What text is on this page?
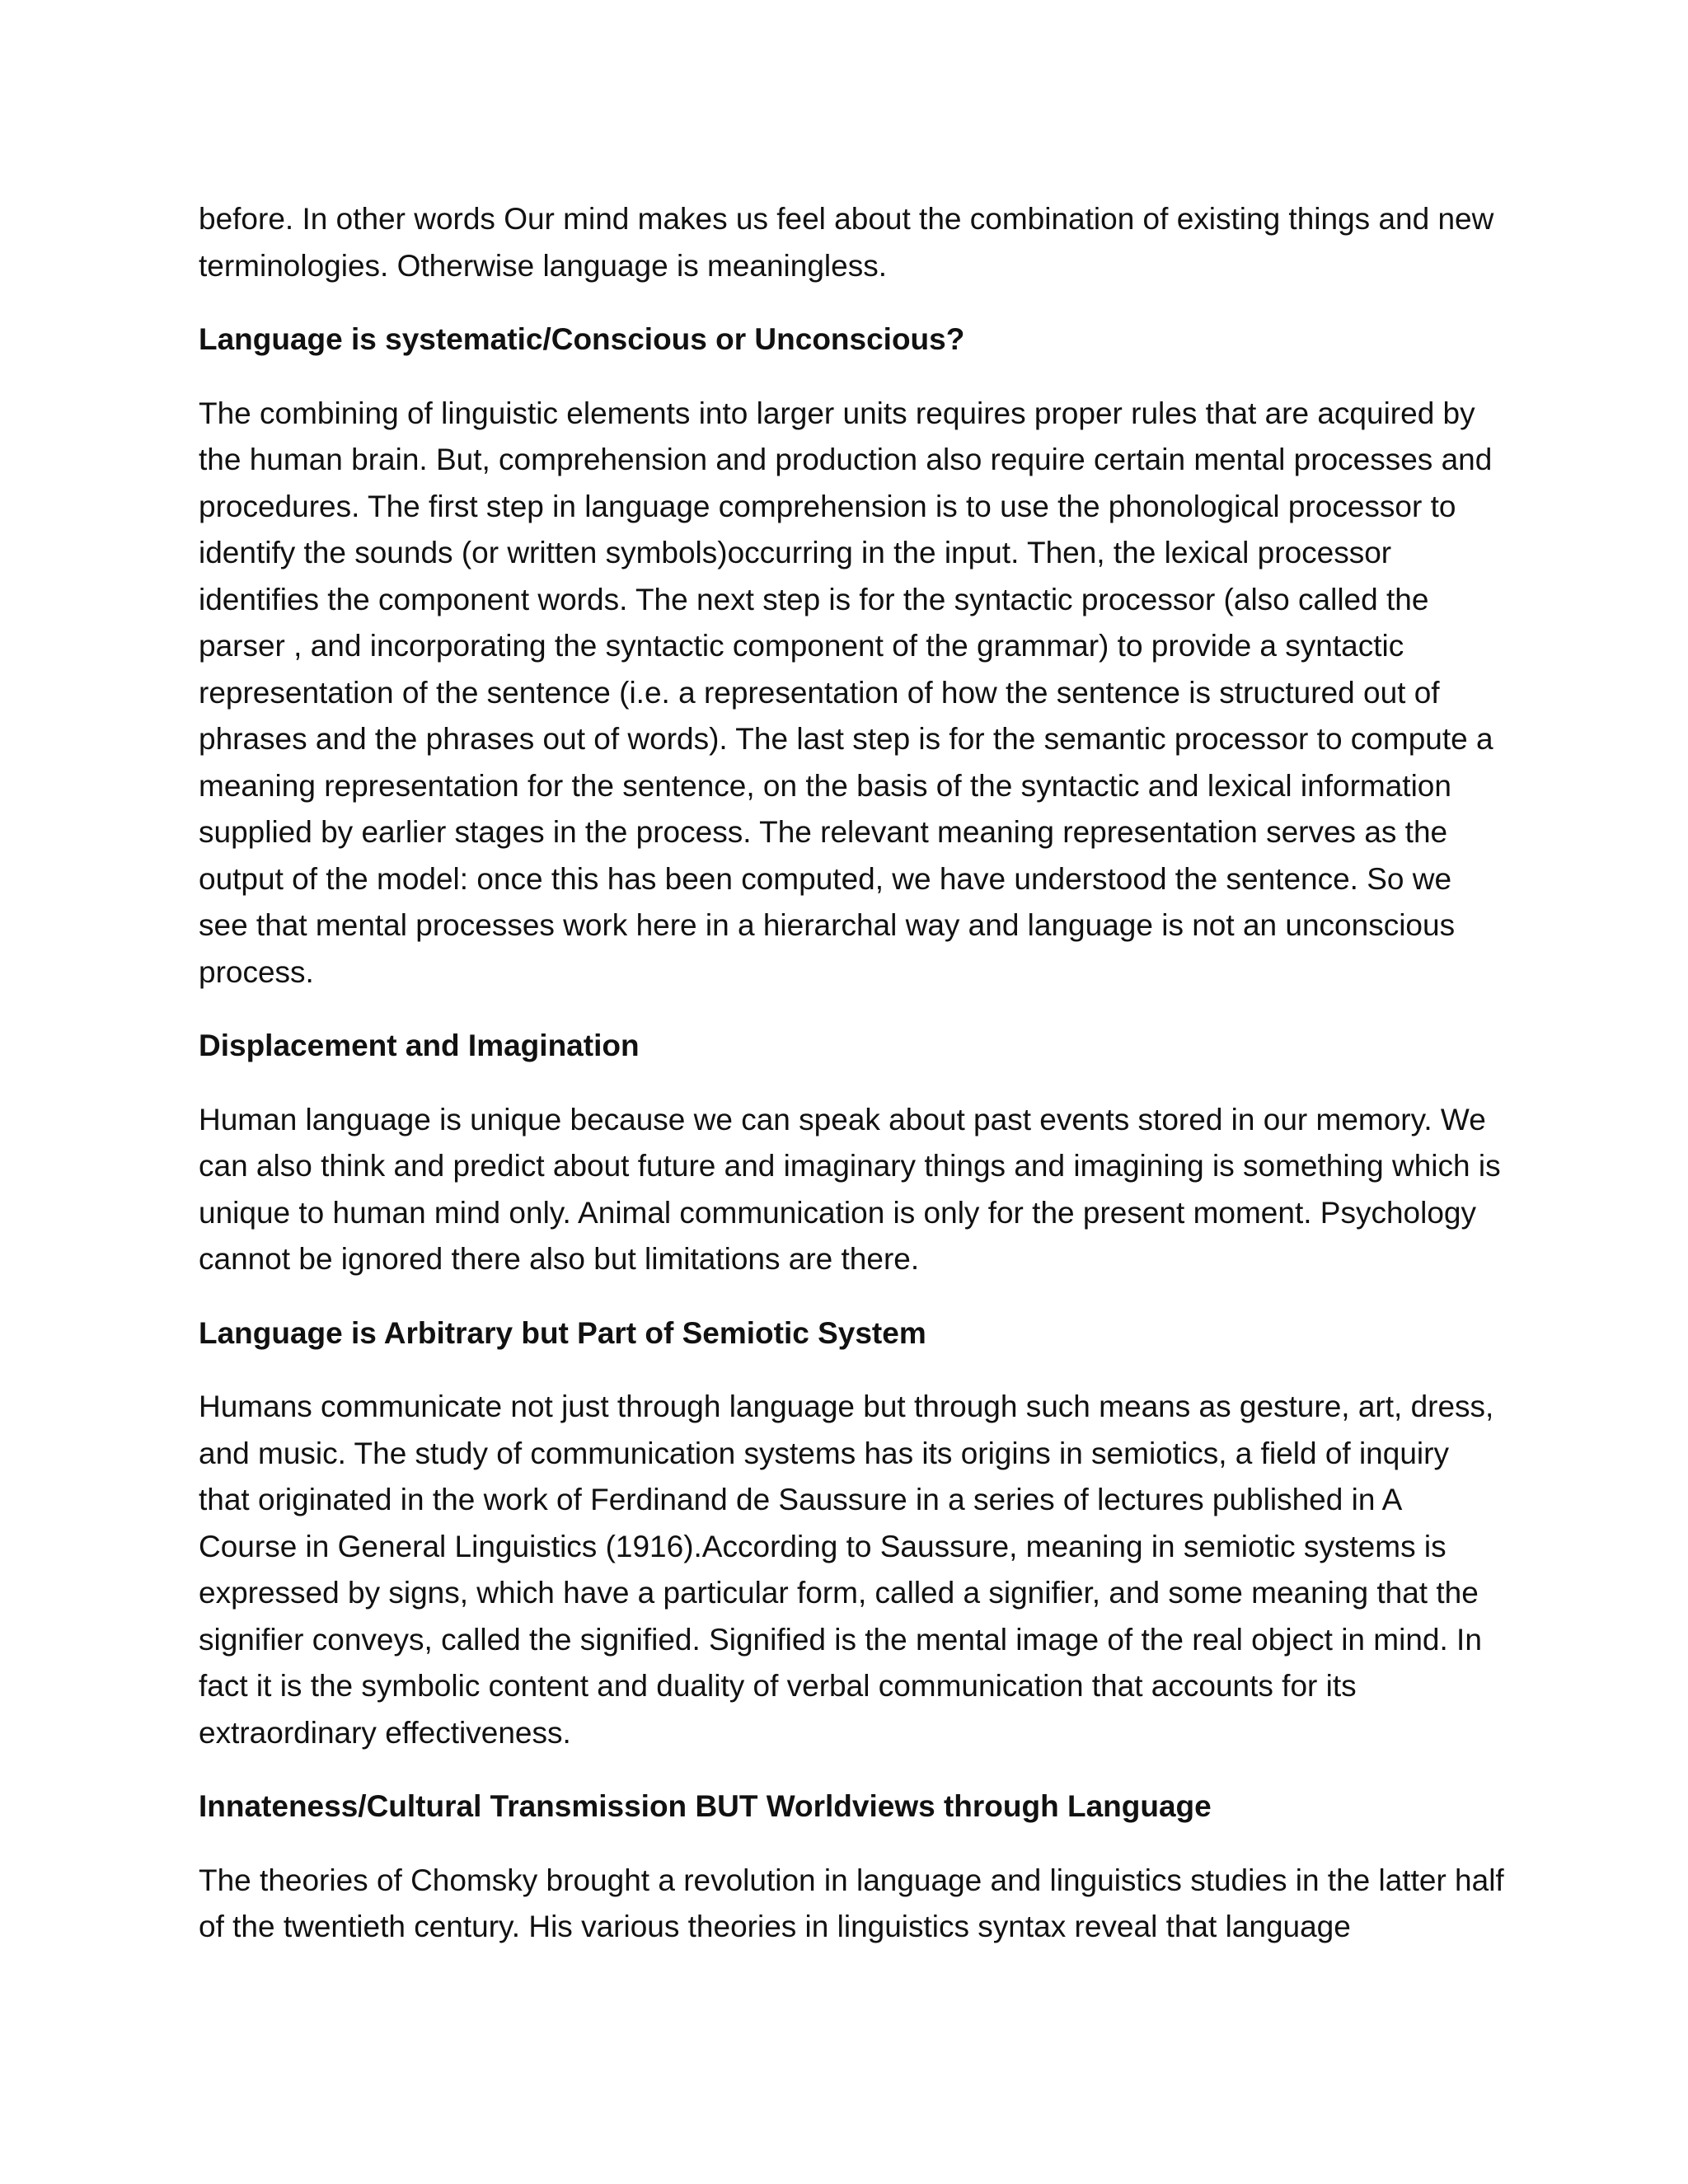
before. In other words Our mind makes us feel about the combination of existing things and new terminologies. Otherwise language is meaningless.

Language is systematic/Conscious or Unconscious?

The combining of linguistic elements into larger units requires proper rules that are acquired by the human brain. But, comprehension and production also require certain mental processes and procedures. The first step in language comprehension is to use the phonological processor to identify the sounds (or written symbols)occurring in the input. Then, the lexical processor identifies the component words. The next step is for the syntactic processor (also called the parser , and incorporating the syntactic component of the grammar) to provide a syntactic representation of the sentence (i.e. a representation of how the sentence is structured out of phrases and the phrases out of words). The last step is for the semantic processor to compute a meaning representation for the sentence, on the basis of the syntactic and lexical information supplied by earlier stages in the process. The relevant meaning representation serves as the output of the model: once this has been computed, we have understood the sentence. So we see that mental processes work here in a hierarchal way and language is not an unconscious process.

Displacement and Imagination

Human language is unique because we can speak about past events stored in our memory. We can also think and predict about future and imaginary things and imagining is something which is unique to human mind only. Animal communication is only for the present moment. Psychology cannot be ignored there also but limitations are there.

Language is Arbitrary but Part of Semiotic System

Humans communicate not just through language but through such means as gesture, art, dress, and music. The study of communication systems has its origins in semiotics, a field of inquiry that originated in the work of Ferdinand de Saussure in a series of lectures published in A Course in General Linguistics (1916).According to Saussure, meaning in semiotic systems is expressed by signs, which have a particular form, called a signifier, and some meaning that the signifier conveys, called the signified. Signified is the mental image of the real object in mind. In fact it is the symbolic content and duality of verbal communication that accounts for its extraordinary effectiveness.

Innateness/Cultural Transmission BUT Worldviews through Language

The theories of Chomsky brought a revolution in language and linguistics studies in the latter half of the twentieth century. His various theories in linguistics syntax reveal that language
